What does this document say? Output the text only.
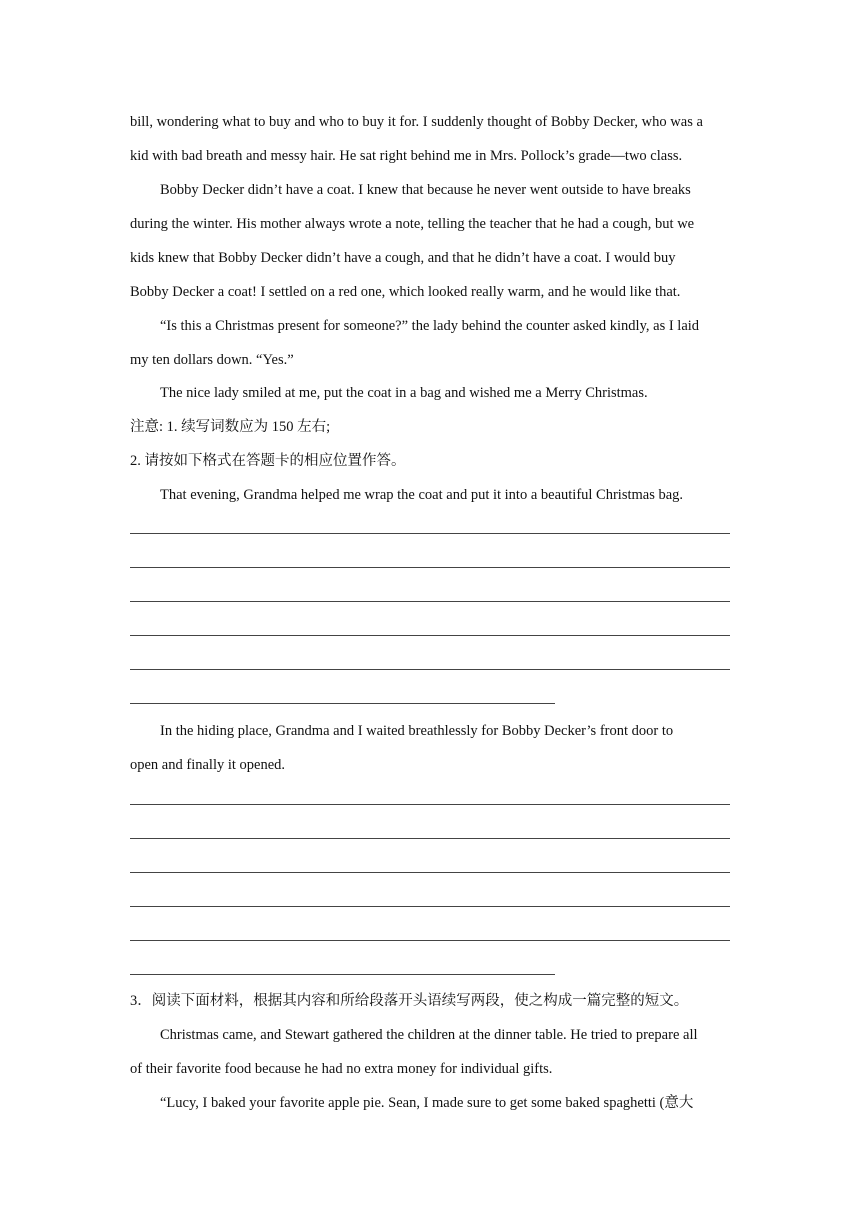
bill, wondering what to buy and who to buy it for. I suddenly thought of Bobby Decker, who was a
kid with bad breath and messy hair. He sat right behind me in Mrs. Pollock’s grade—two class.
Bobby Decker didn’t have a coat. I knew that because he never went outside to have breaks
during the winter. His mother always wrote a note, telling the teacher that he had a cough, but we
kids knew that Bobby Decker didn’t have a cough, and that he didn’t have a coat. I would buy
Bobby Decker a coat! I settled on a red one, which looked really warm, and he would like that.
“Is this a Christmas present for someone?” the lady behind the counter asked kindly, as I laid
my ten dollars down. “Yes.”
The nice lady smiled at me, put the coat in a bag and wished me a Merry Christmas.
注意: 1. 续写词数应为 150 左右;
2. 请按如下格式在答题卡的相应位置作答。
That evening, Grandma helped me wrap the coat and put it into a beautiful Christmas bag.
In the hiding place, Grandma and I waited breathlessly for Bobby Decker’s front door to
open and finally it opened.
3．阅读下面材料，根据其内容和所给段落开头语续写两段，使之构成一篇完整的短文。
Christmas came, and Stewart gathered the children at the dinner table. He tried to prepare all
of their favorite food because he had no extra money for individual gifts.
“Lucy, I baked your favorite apple pie. Sean, I made sure to get some baked spaghetti (意大
